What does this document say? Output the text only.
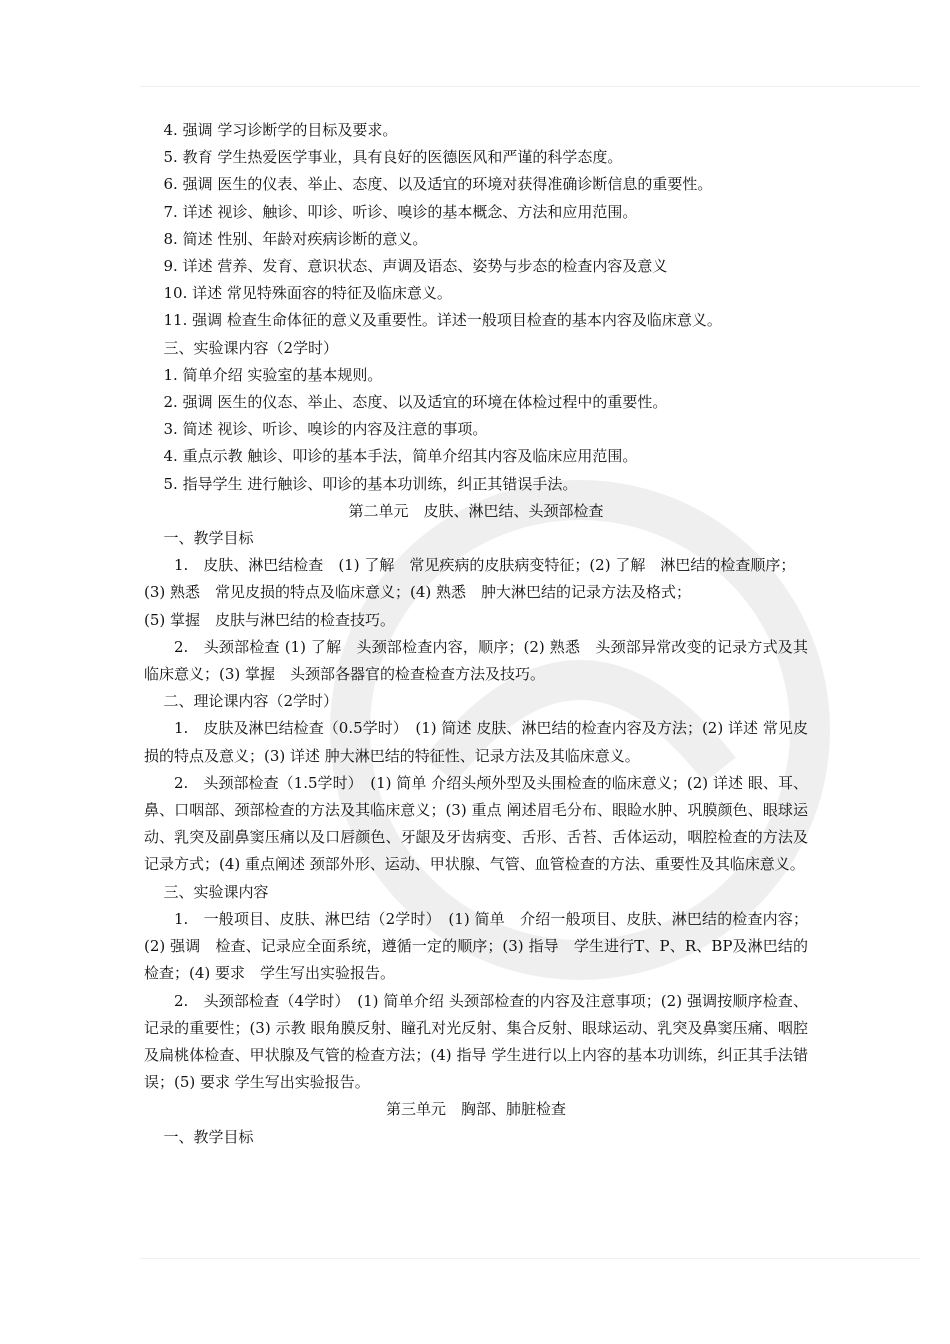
4. 强调 学习诊断学的目标及要求。

5. 教育 学生热爱医学事业，具有良好的医德医风和严谨的科学态度。

6. 强调 医生的仪表、举止、态度、以及适宜的环境对获得准确诊断信息的重要性。

7. 详述 视诊、触诊、叩诊、听诊、嗅诊的基本概念、方法和应用范围。

8. 简述 性别、年龄对疾病诊断的意义。

9. 详述 营养、发育、意识状态、声调及语态、姿势与步态的检查内容及意义

10. 详述 常见特殊面容的特征及临床意义。

11. 强调 检查生命体征的意义及重要性。详述一般项目检查的基本内容及临床意义。

三、实验课内容（2学时）

1. 简单介绍 实验室的基本规则。

2. 强调 医生的仪态、举止、态度、以及适宜的环境在体检过程中的重要性。

3. 简述 视诊、听诊、嗅诊的内容及注意的事项。

4. 重点示教 触诊、叩诊的基本手法，简单介绍其内容及临床应用范围。

5. 指导学生 进行触诊、叩诊的基本功训练，纠正其错误手法。

第二单元　皮肤、淋巴结、头颈部检查

一、教学目标

1.　皮肤、淋巴结检查　(1) 了解　常见疾病的皮肤病变特征；(2) 了解　淋巴结的检查顺序；

(3) 熟悉　常见皮损的特点及临床意义；(4) 熟悉　肿大淋巴结的记录方法及格式；

(5) 掌握　皮肤与淋巴结的检查技巧。

2.　头颈部检查 (1) 了解　头颈部检查内容，顺序；(2) 熟悉　头颈部异常改变的记录方式及其临床意义；(3) 掌握　头颈部各器官的检查检查方法及技巧。

二、理论课内容（2学时）

1.　皮肤及淋巴结检查（0.5学时）　(1) 简述 皮肤、淋巴结的检查内容及方法；(2) 详述 常见皮损的特点及意义；(3) 详述 肿大淋巴结的特征性、记录方法及其临床意义。

2.　头颈部检查（1.5学时）　(1) 简单 介绍头颅外型及头围检查的临床意义；(2) 详述 眼、耳、鼻、口咽部、颈部检查的方法及其临床意义；(3) 重点 阐述眉毛分布、眼睑水肿、巩膜颜色、眼球运动、乳突及副鼻窦压痛以及口唇颜色、牙龈及牙齿病变、舌形、舌苔、舌体运动，咽腔检查的方法及记录方式；(4) 重点阐述 颈部外形、运动、甲状腺、气管、血管检查的方法、重要性及其临床意义。

三、实验课内容

1.　一般项目、皮肤、淋巴结（2学时）　(1) 简单　介绍一般项目、皮肤、淋巴结的检查内容；(2) 强调　检查、记录应全面系统，遵循一定的顺序；(3) 指导　学生进行T、P、R、BP及淋巴结的检查；(4) 要求　学生写出实验报告。

2.　头颈部检查（4学时）　(1) 简单介绍 头颈部检查的内容及注意事项；(2) 强调按顺序检查、记录的重要性；(3) 示教 眼角膜反射、瞳孔对光反射、集合反射、眼球运动、乳突及鼻窦压痛、咽腔及扁桃体检查、甲状腺及气管的检查方法；(4) 指导 学生进行以上内容的基本功训练，纠正其手法错误；(5) 要求 学生写出实验报告。

第三单元　胸部、肺脏检查

一、教学目标
